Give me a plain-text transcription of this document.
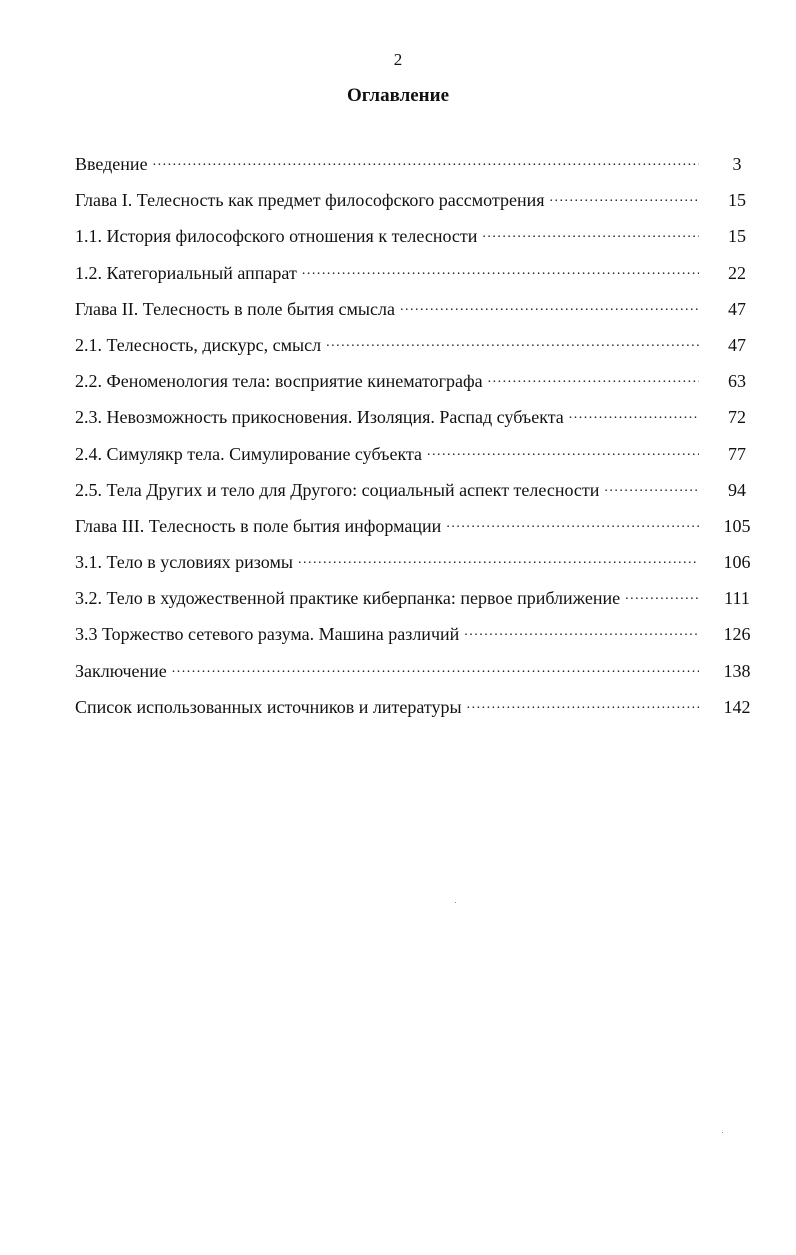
2
Оглавление
Введение . . .	3
Глава I. Телесность как предмет философского рассмотрения . . .	15
1.1. История философского отношения к телесности . . .	15
1.2. Категориальный аппарат . . .	22
Глава II. Телесность в поле бытия смысла . . .	47
2.1. Телесность, дискурс, смысл . . .	47
2.2. Феноменология тела: восприятие кинематографа . . .	63
2.3. Невозможность прикосновения. Изоляция. Распад субъекта . . .	72
2.4. Симулякр тела. Симулирование субъекта . . .	77
2.5. Тела Других и тело для Другого: социальный аспект телесности . . .	94
Глава III. Телесность в поле бытия информации . . .	105
3.1. Тело в условиях ризомы . . .	106
3.2. Тело в художественной практике киберпанка: первое приближение . . .	111
3.3 Торжество сетевого разума. Машина различий . . .	126
Заключение . . .	138
Список использованных источников и литературы . . .	142
